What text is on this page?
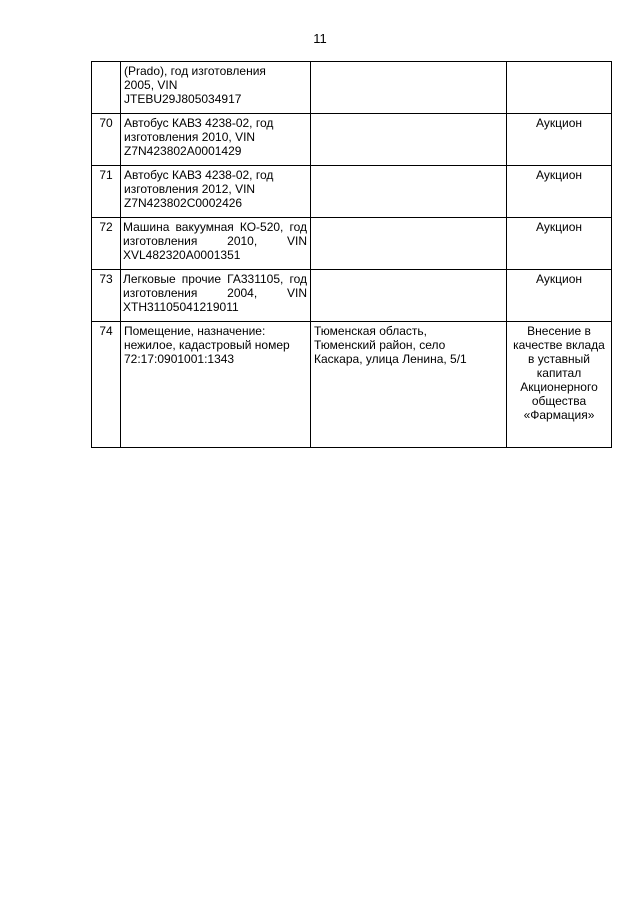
11
	(Prado), год изготовления
2005, VIN
JTEBU29J805034917		
70	Автобус КАВЗ 4238-02, год
изготовления 2010, VIN
Z7N423802A0001429		Аукцион
71	Автобус КАВЗ 4238-02, год
изготовления 2012, VIN
Z7N423802C0002426		Аукцион
72	Машина вакуумная КО-520, год изготовления 2010, VIN XVL482320A0001351		Аукцион
73	Легковые прочие ГА331105, год изготовления 2004, VIN XTH31105041219011		Аукцион
74	Помещение, назначение:
нежилое, кадастровый номер
72:17:0901001:1343	Тюменская область,
Тюменский район, село
Каскара, улица Ленина, 5/1	Внесение в качестве вклада в уставный капитал Акционерного общества «Фармация»
